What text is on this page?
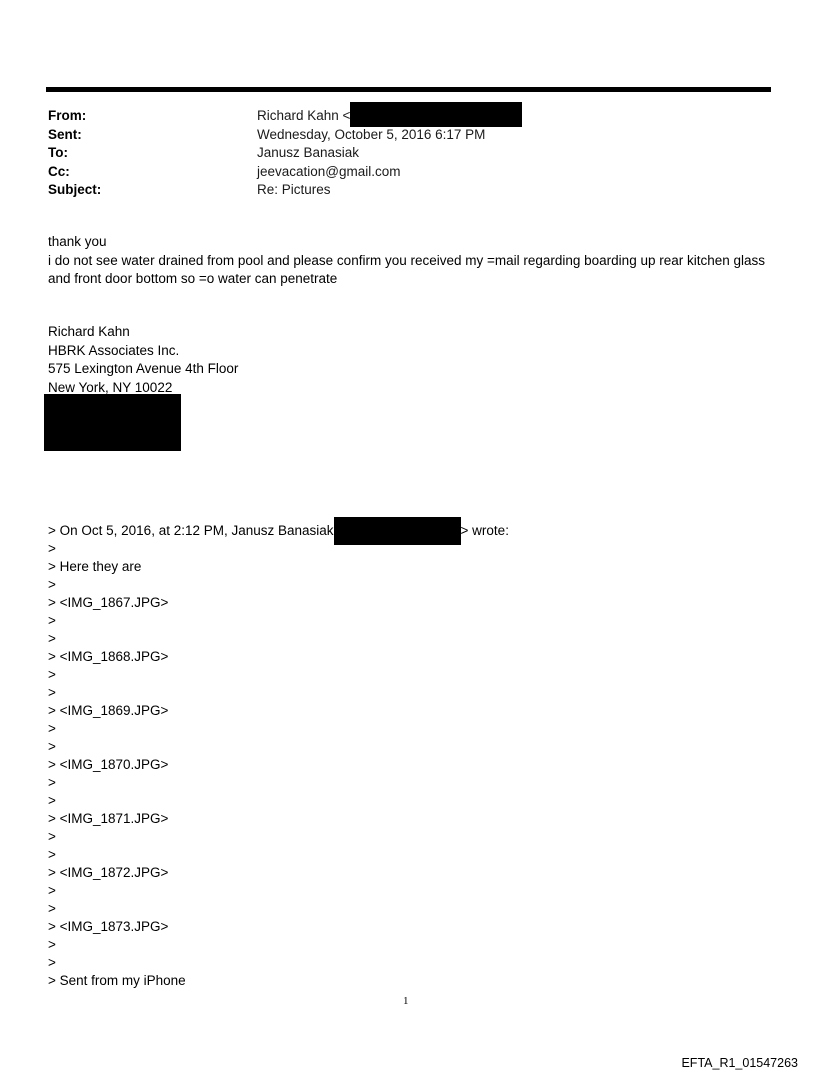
From:	Richard Kahn <
Sent:	Wednesday, October 5, 2016 6:17 PM
To:	Janusz Banasiak
Cc:	jeevacation@gmail.com
Subject:	Re: Pictures
thank you
i do not see water drained from pool and please confirm you received my =mail regarding boarding up rear kitchen glass and front door bottom so =o water can penetrate
Richard Kahn
HBRK Associates Inc.
575 Lexington Avenue 4th Floor
New York, NY 10022
> On Oct 5, 2016, at 2:12 PM, Janusz Banasiak	> wrote:
>
> Here they are
>
> <IMG_1867.JPG>
>
>
> <IMG_1868.JPG>
>
>
> <IMG_1869.JPG>
>
>
> <IMG_1870.JPG>
>
>
> <IMG_1871.JPG>
>
>
> <IMG_1872.JPG>
>
>
> <IMG_1873.JPG>
>
>
> Sent from my iPhone
1
EFTA_R1_01547263
